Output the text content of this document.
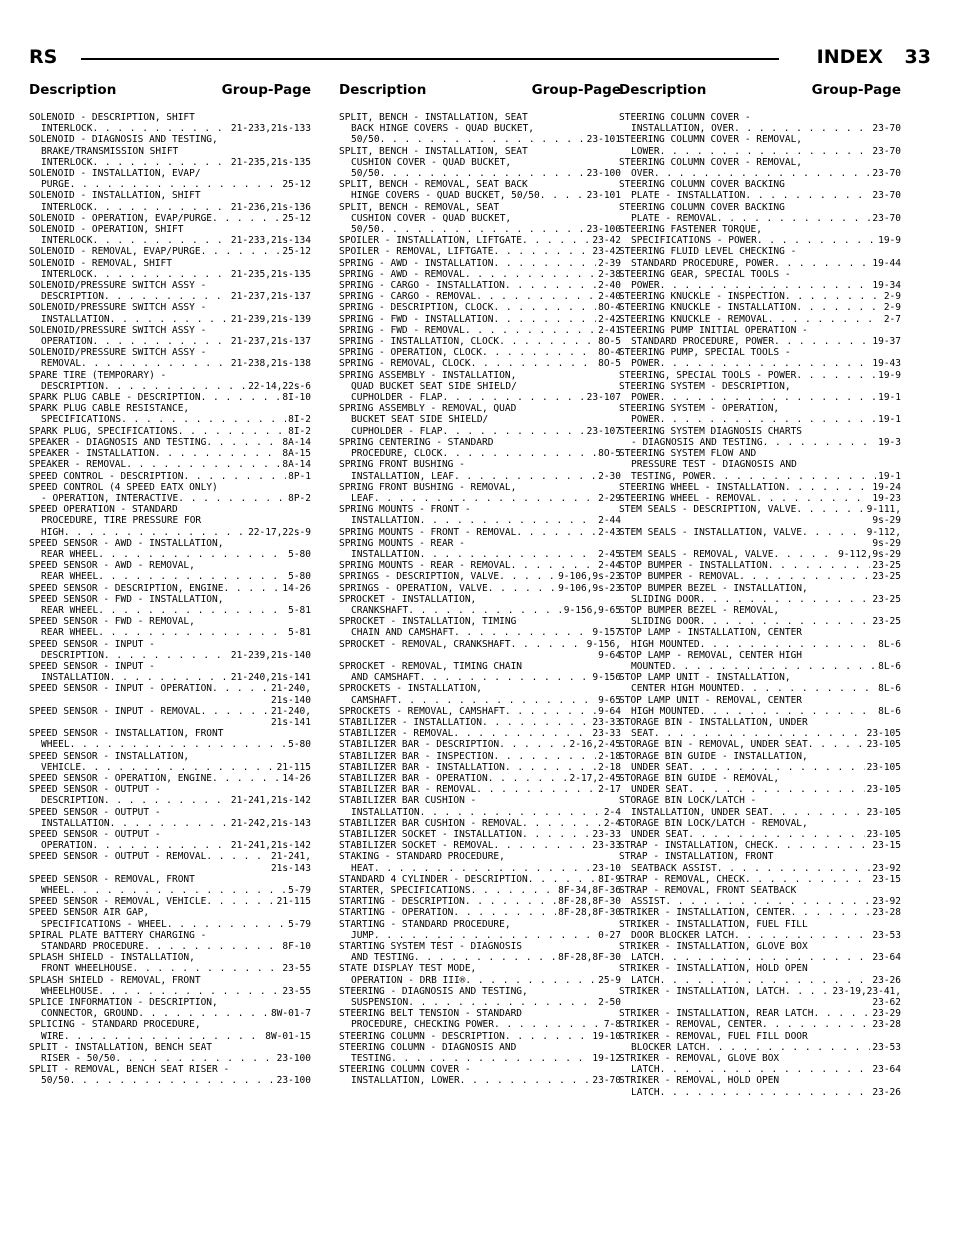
RS	INDEX 33
Description	Group-Page
SOLENOID - DESCRIPTION, SHIFT
INTERLOCK . . .	21-233,21s-133
SOLENOID - DIAGNOSIS AND TESTING,
BRAKE/TRANSMISSION SHIFT
INTERLOCK . . .	21-235,21s-135
SOLENOID - INSTALLATION, EVAP/
PURGE . . .	25-12
SOLENOID - INSTALLATION, SHIFT
INTERLOCK . . .	21-236,21s-136
SOLENOID - OPERATION, EVAP/PURGE . . .	25-12
SOLENOID - OPERATION, SHIFT
INTERLOCK . . .	21-233,21s-134
SOLENOID - REMOVAL, EVAP/PURGE . . .	25-12
SOLENOID - REMOVAL, SHIFT
INTERLOCK . . .	21-235,21s-135
SOLENOID/PRESSURE SWITCH ASSY -
DESCRIPTION . . .	21-237,21s-137
SOLENOID/PRESSURE SWITCH ASSY -
INSTALLATION . . .	21-239,21s-139
SOLENOID/PRESSURE SWITCH ASSY -
OPERATION . . .	21-237,21s-137
SOLENOID/PRESSURE SWITCH ASSY -
REMOVAL . . .	21-238,21s-138
SPARE TIRE (TEMPORARY) -
DESCRIPTION . . .	22-14,22s-6
SPARK PLUG CABLE - DESCRIPTION . . .	8I-10
SPARK PLUG CABLE RESISTANCE,
SPECIFICATIONS . . .	8I-2
SPARK PLUG, SPECIFICATIONS . . .	8I-2
SPEAKER - DIAGNOSIS AND TESTING . . .	8A-14
SPEAKER - INSTALLATION . . .	8A-15
SPEAKER - REMOVAL . . .	8A-14
SPEED CONTROL - DESCRIPTION . . .	8P-1
SPEED CONTROL (4 SPEED EATX ONLY)
- OPERATION, INTERACTIVE . . .	8P-2
SPEED OPERATION - STANDARD
PROCEDURE, TIRE PRESSURE FOR
HIGH . . .	22-17,22s-9
SPEED SENSOR - AWD - INSTALLATION,
REAR WHEEL . . .	5-80
SPEED SENSOR - AWD - REMOVAL,
REAR WHEEL . . .	5-80
SPEED SENSOR - DESCRIPTION, ENGINE . . .	14-26
SPEED SENSOR - FWD - INSTALLATION,
REAR WHEEL . . .	5-81
SPEED SENSOR - FWD - REMOVAL,
REAR WHEEL . . .	5-81
SPEED SENSOR - INPUT -
DESCRIPTION . . .	21-239,21s-140
SPEED SENSOR - INPUT -
INSTALLATION . . .	21-240,21s-141
SPEED SENSOR - INPUT - OPERATION . . .	21-240,
21s-140
SPEED SENSOR - INPUT - REMOVAL . . .	21-240,
21s-141
SPEED SENSOR - INSTALLATION, FRONT
WHEEL . . .	5-80
SPEED SENSOR - INSTALLATION,
VEHICLE . . .	21-115
SPEED SENSOR - OPERATION, ENGINE . . .	14-26
SPEED SENSOR - OUTPUT -
DESCRIPTION . . .	21-241,21s-142
SPEED SENSOR - OUTPUT -
INSTALLATION . . .	21-242,21s-143
SPEED SENSOR - OUTPUT -
OPERATION . . .	21-241,21s-142
SPEED SENSOR - OUTPUT - REMOVAL . . .	21-241,
21s-143
SPEED SENSOR - REMOVAL, FRONT
WHEEL . . .	5-79
SPEED SENSOR - REMOVAL, VEHICLE . . .	21-115
SPEED SENSOR AIR GAP,
SPECIFICATIONS - WHEEL . . .	5-79
SPIRAL PLATE BATTERY CHARGING -
STANDARD PROCEDURE . . .	8F-10
SPLASH SHIELD - INSTALLATION,
FRONT WHEELHOUSE . . .	23-55
SPLASH SHIELD - REMOVAL, FRONT
WHEELHOUSE . . .	23-55
SPLICE INFORMATION - DESCRIPTION,
CONNECTOR, GROUND . . .	8W-01-7
SPLICING - STANDARD PROCEDURE,
WIRE . . .	8W-01-15
SPLIT - INSTALLATION, BENCH SEAT
RISER - 50/50 . . .	23-100
SPLIT - REMOVAL, BENCH SEAT RISER -
50/50 . . .	23-100
Description	Group-Page
SPLIT, BENCH - INSTALLATION, SEAT
BACK HINGE COVERS - QUAD BUCKET,
50/50 . . .	23-101
SPLIT, BENCH - INSTALLATION, SEAT
CUSHION COVER - QUAD BUCKET,
50/50 . . .	23-100
SPLIT, BENCH - REMOVAL, SEAT BACK
HINGE COVERS - QUAD BUCKET, 50/50 . . .	23-101
SPLIT, BENCH - REMOVAL, SEAT
CUSHION COVER - QUAD BUCKET,
50/50 . . .	23-100
SPOILER - INSTALLATION, LIFTGATE . . .	23-42
SPOILER - REMOVAL, LIFTGATE . . .	23-42
SPRING - AWD - INSTALLATION . . .	2-39
SPRING - AWD - REMOVAL . . .	2-38
SPRING - CARGO - INSTALLATION . . .	2-40
SPRING - CARGO - REMOVAL . . .	2-40
SPRING - DESCRIPTION, CLOCK . . .	8O-4
SPRING - FWD - INSTALLATION . . .	2-42
SPRING - FWD - REMOVAL . . .	2-41
SPRING - INSTALLATION, CLOCK . . .	8O-5
SPRING - OPERATION, CLOCK . . .	8O-4
SPRING - REMOVAL, CLOCK . . .	8O-5
SPRING ASSEMBLY - INSTALLATION,
QUAD BUCKET SEAT SIDE SHIELD/
CUPHOLDER - FLAP . . .	23-107
SPRING ASSEMBLY - REMOVAL, QUAD
BUCKET SEAT SIDE SHIELD/
CUPHOLDER - FLAP . . .	23-107
SPRING CENTERING - STANDARD
PROCEDURE, CLOCK . . .	8O-5
SPRING FRONT BUSHING -
INSTALLATION, LEAF . . .	2-30
SPRING FRONT BUSHING - REMOVAL,
LEAF . . .	2-29
SPRING MOUNTS - FRONT -
INSTALLATION . . .	2-44
SPRING MOUNTS - FRONT - REMOVAL . . .	2-43
SPRING MOUNTS - REAR -
INSTALLATION . . .	2-45
SPRING MOUNTS - REAR - REMOVAL . . .	2-44
SPRINGS - DESCRIPTION, VALVE . . .	9-106,9s-23
SPRINGS - OPERATION, VALVE . . .	9-106,9s-23
SPROCKET - INSTALLATION,
CRANKSHAFT . . .	9-156,9-65
SPROCKET - INSTALLATION, TIMING
CHAIN AND CAMSHAFT . . .	9-157
SPROCKET - REMOVAL, CRANKSHAFT . . .	9-156,
9-64
SPROCKET - REMOVAL, TIMING CHAIN
AND CAMSHAFT . . .	9-156
SPROCKETS - INSTALLATION,
CAMSHAFT . . .	9-65
SPROCKETS - REMOVAL, CAMSHAFT . . .	9-64
STABILIZER - INSTALLATION . . .	23-33
STABILIZER - REMOVAL . . .	23-33
STABILIZER BAR - DESCRIPTION . . .	2-16,2-45
STABILIZER BAR - INSPECTION . . .	2-18
STABILIZER BAR - INSTALLATION . . .	2-18
STABILIZER BAR - OPERATION . . .	2-17,2-45
STABILIZER BAR - REMOVAL . . .	2-17
STABILIZER BAR CUSHION -
INSTALLATION . . .	2-4
STABILIZER BAR CUSHION - REMOVAL . . .	2-4
STABILIZER SOCKET - INSTALLATION . . .	23-33
STABILIZER SOCKET - REMOVAL . . .	23-33
STAKING - STANDARD PROCEDURE,
HEAT . . .	23-10
STANDARD 4 CYLINDER - DESCRIPTION . . .	8I-9
STARTER, SPECIFICATIONS . . .	8F-34,8F-36
STARTING - DESCRIPTION . . .	8F-28,8F-30
STARTING - OPERATION . . .	8F-28,8F-30
STARTING - STANDARD PROCEDURE,
JUMP . . .	0-27
STARTING SYSTEM TEST - DIAGNOSIS
AND TESTING . . .	8F-28,8F-30
STATE DISPLAY TEST MODE,
OPERATION - DRB III® . . .	25-9
STEERING - DIAGNOSIS AND TESTING,
SUSPENSION . . .	2-50
STEERING BELT TENSION - STANDARD
PROCEDURE, CHECKING POWER . . .	7-8
STEERING COLUMN - DESCRIPTION . . .	19-10
STEERING COLUMN - DIAGNOSIS AND
TESTING . . .	19-12
STEERING COLUMN COVER -
INSTALLATION, LOWER . . .	23-70
Description	Group-Page
STEERING COLUMN COVER -
INSTALLATION, OVER . . .	23-70
STEERING COLUMN COVER - REMOVAL,
LOWER . . .	23-70
STEERING COLUMN COVER - REMOVAL,
OVER . . .	23-70
STEERING COLUMN COVER BACKING
PLATE - INSTALLATION . . .	23-70
STEERING COLUMN COVER BACKING
PLATE - REMOVAL . . .	23-70
STEERING FASTENER TORQUE,
SPECIFICATIONS - POWER . . .	19-9
STEERING FLUID LEVEL CHECKING -
STANDARD PROCEDURE, POWER . . .	19-44
STEERING GEAR, SPECIAL TOOLS -
POWER . . .	19-34
STEERING KNUCKLE - INSPECTION . . .	2-9
STEERING KNUCKLE - INSTALLATION . . .	2-9
STEERING KNUCKLE - REMOVAL . . .	2-7
STEERING PUMP INITIAL OPERATION -
STANDARD PROCEDURE, POWER . . .	19-37
STEERING PUMP, SPECIAL TOOLS -
POWER . . .	19-43
STEERING, SPECIAL TOOLS - POWER . . .	19-9
STEERING SYSTEM - DESCRIPTION,
POWER . . .	19-1
STEERING SYSTEM - OPERATION,
POWER . . .	19-1
STEERING SYSTEM DIAGNOSIS CHARTS
- DIAGNOSIS AND TESTING . . .	19-3
STEERING SYSTEM FLOW AND
PRESSURE TEST - DIAGNOSIS AND
TESTING, POWER . . .	19-1
STEERING WHEEL - INSTALLATION . . .	19-24
STEERING WHEEL - REMOVAL . . .	19-23
STEM SEALS - DESCRIPTION, VALVE . . .	9-111,
9s-29
STEM SEALS - INSTALLATION, VALVE . . .	9-112,
9s-29
STEM SEALS - REMOVAL, VALVE . . .	9-112,9s-29
STOP BUMPER - INSTALLATION . . .	23-25
STOP BUMPER - REMOVAL . . .	23-25
STOP BUMPER BEZEL - INSTALLATION,
SLIDING DOOR . . .	23-25
STOP BUMPER BEZEL - REMOVAL,
SLIDING DOOR . . .	23-25
STOP LAMP - INSTALLATION, CENTER
HIGH MOUNTED . . .	8L-6
STOP LAMP - REMOVAL, CENTER HIGH
MOUNTED . . .	8L-6
STOP LAMP UNIT - INSTALLATION,
CENTER HIGH MOUNTED . . .	8L-6
STOP LAMP UNIT - REMOVAL, CENTER
HIGH MOUNTED . . .	8L-6
STORAGE BIN - INSTALLATION, UNDER
SEAT . . .	23-105
STORAGE BIN - REMOVAL, UNDER SEAT . . .	23-105
STORAGE BIN GUIDE - INSTALLATION,
UNDER SEAT . . .	23-105
STORAGE BIN GUIDE - REMOVAL,
UNDER SEAT . . .	23-105
STORAGE BIN LOCK/LATCH -
INSTALLATION, UNDER SEAT . . .	23-105
STORAGE BIN LOCK/LATCH - REMOVAL,
UNDER SEAT . . .	23-105
STRAP - INSTALLATION, CHECK . . .	23-15
STRAP - INSTALLATION, FRONT
SEATBACK ASSIST . . .	23-92
STRAP - REMOVAL, CHECK . . .	23-15
STRAP - REMOVAL, FRONT SEATBACK
ASSIST . . .	23-92
STRIKER - INSTALLATION, CENTER . . .	23-28
STRIKER - INSTALLATION, FUEL FILL
DOOR BLOCKER LATCH . . .	23-53
STRIKER - INSTALLATION, GLOVE BOX
LATCH . . .	23-64
STRIKER - INSTALLATION, HOLD OPEN
LATCH . . .	23-26
STRIKER - INSTALLATION, LATCH . . .	23-19,23-41,
23-62
STRIKER - INSTALLATION, REAR LATCH . . .	23-29
STRIKER - REMOVAL, CENTER . . .	23-28
STRIKER - REMOVAL, FUEL FILL DOOR
BLOCKER LATCH . . .	23-53
STRIKER - REMOVAL, GLOVE BOX
LATCH . . .	23-64
STRIKER - REMOVAL, HOLD OPEN
LATCH . . .	23-26
